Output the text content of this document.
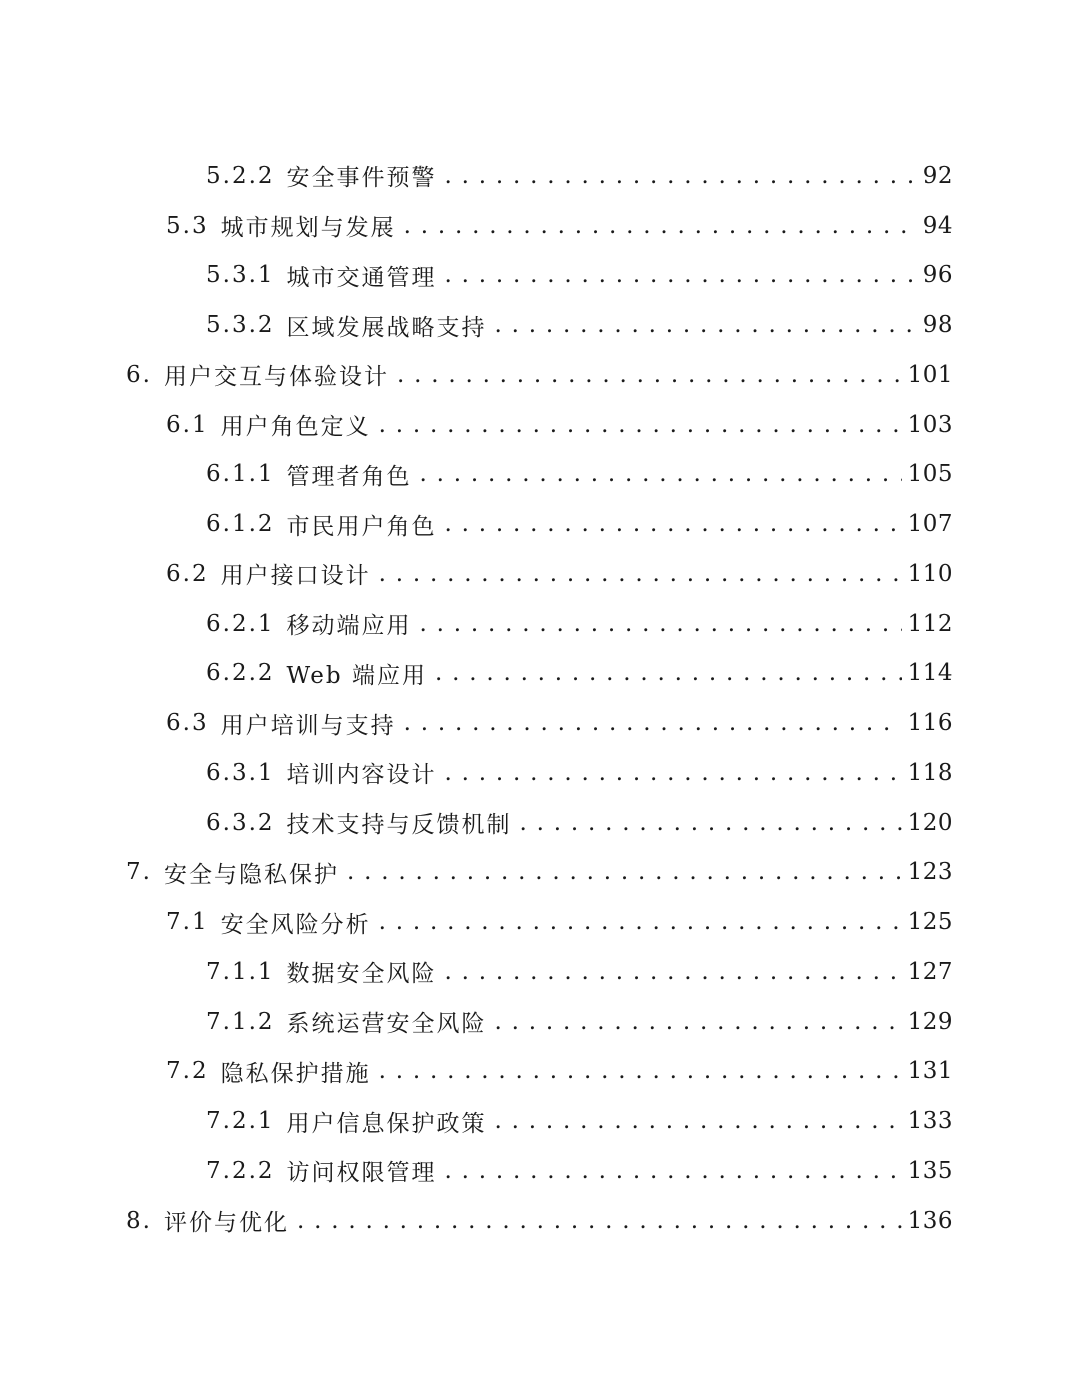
5.2.2 安全事件预警 . . .	92
5.3 城市规划与发展 . . .	94
5.3.1 城市交通管理 . . .	96
5.3.2 区域发展战略支持 . . .	98
6. 用户交互与体验设计 . . .	101
6.1 用户角色定义 . . .	103
6.1.1 管理者角色 . . .	105
6.1.2 市民用户角色 . . .	107
6.2 用户接口设计 . . .	110
6.2.1 移动端应用 . . .	112
6.2.2 Web 端应用 . . .	114
6.3 用户培训与支持 . . .	116
6.3.1 培训内容设计 . . .	118
6.3.2 技术支持与反馈机制 . . .	120
7. 安全与隐私保护 . . .	123
7.1 安全风险分析 . . .	125
7.1.1 数据安全风险 . . .	127
7.1.2 系统运营安全风险 . . .	129
7.2 隐私保护措施 . . .	131
7.2.1 用户信息保护政策 . . .	133
7.2.2 访问权限管理 . . .	135
8. 评价与优化 . . .	136
